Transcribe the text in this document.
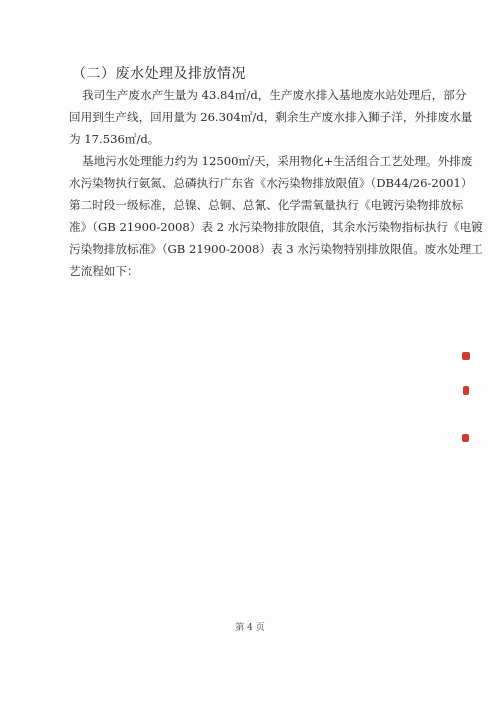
（二）废水处理及排放情况
我司生产废水产生量为 43.84㎡/d，生产废水排入基地废水站处理后，部分
回用到生产线，回用量为 26.304㎡/d，剩余生产废水排入狮子洋，外排废水量
为 17.536㎡/d。
基地污水处理能力约为 12500㎡/天，采用物化+生活组合工艺处理。外排废
水污染物执行氨氮、总磷执行广东省《水污染物排放限值》（DB44/26-2001）
第二时段一级标准，总镍、总铜、总氰、化学需氧量执行《电镀污染物排放标
准》（GB 21900-2008）表 2 水污染物排放限值，其余水污染物指标执行《电镀
污染物排放标准》（GB 21900-2008）表 3 水污染物特别排放限值。废水处理工
艺流程如下：
第 4 页
